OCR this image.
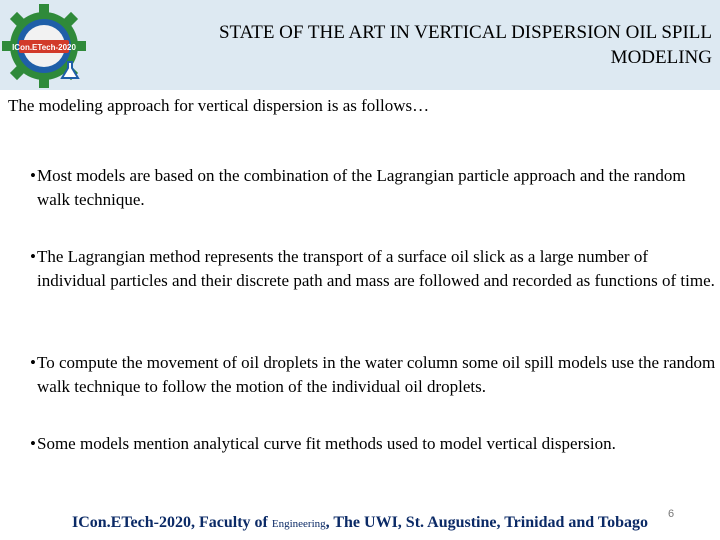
ICon.ETech-2020
STATE OF THE ART IN VERTICAL DISPERSION OIL SPILL
MODELING
The modeling approach for vertical dispersion is as follows…
• Most models are based on the combination of the Lagrangian particle approach and the random walk technique.
• The Lagrangian method represents the transport of a surface oil slick as a large number of individual particles and their discrete path and mass are followed and recorded as functions of time.
• To compute the movement of oil droplets in the water column some oil spill models use the random walk technique to follow the motion of the individual oil droplets.
• Some models mention analytical curve fit methods used to model vertical dispersion.
ICon.ETech-2020, Faculty of Engineering, The UWI, St. Augustine, Trinidad and Tobago	6
